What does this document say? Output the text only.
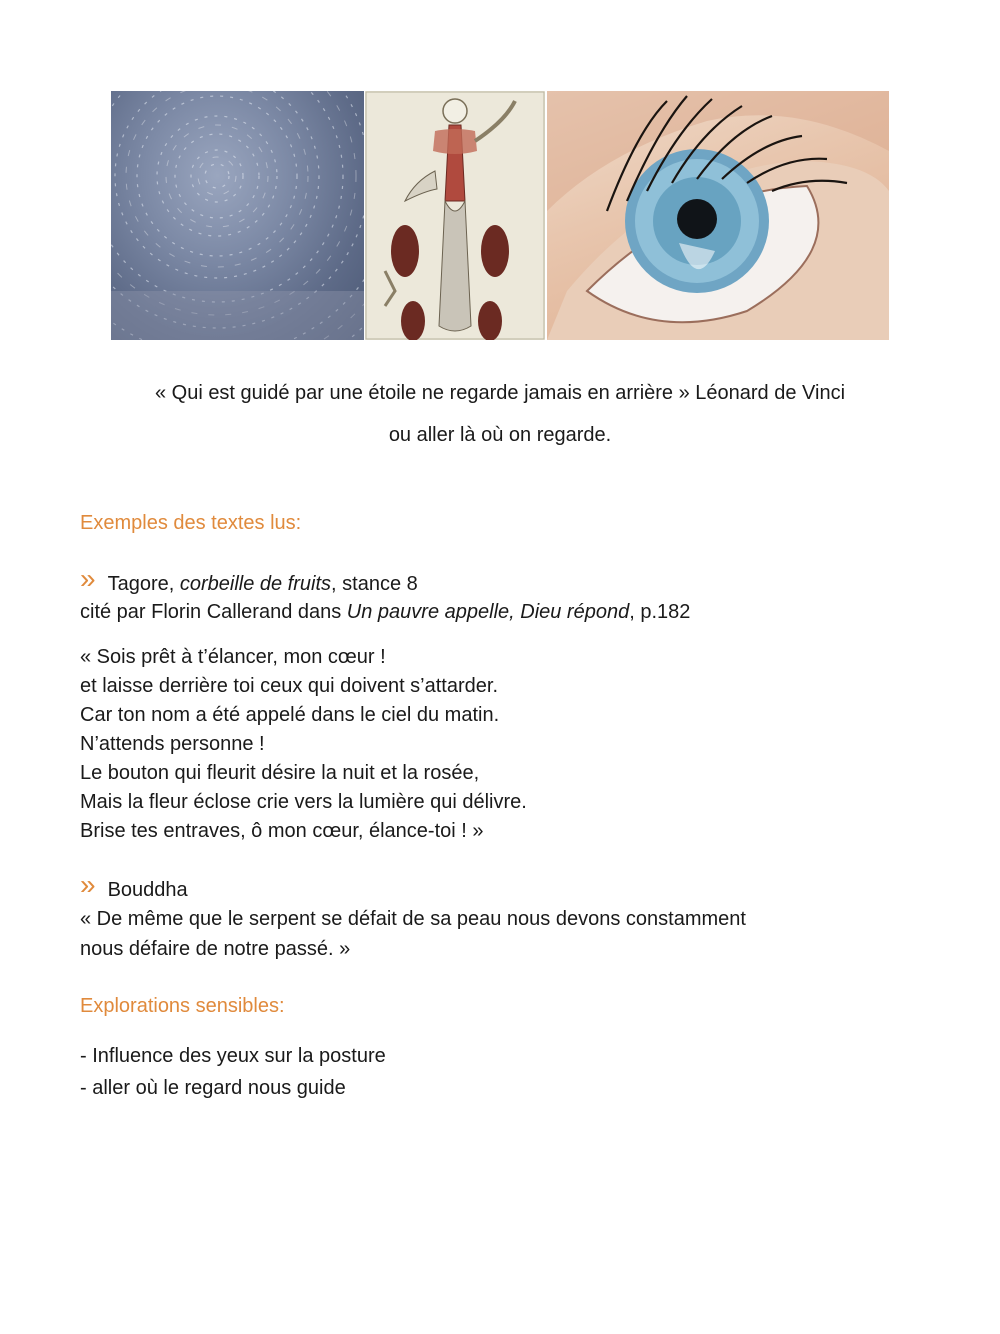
« Qui est guidé par une étoile ne regarde jamais en arrière » Léonard de Vinci
ou aller là où on regarde.
Exemples des textes lus:
» Tagore, corbeille de fruits, stance 8
cité par Florin Callerand dans Un pauvre appelle, Dieu répond, p.182
« Sois prêt à t’élancer, mon cœur !
et laisse derrière toi ceux qui doivent s’attarder.
Car ton nom a été appelé dans le ciel du matin.
N’attends personne !
Le bouton qui fleurit désire la nuit et la rosée,
Mais la fleur éclose crie vers la lumière qui délivre.
Brise tes entraves, ô mon cœur, élance-toi ! »
» Bouddha
« De même que le serpent se défait de sa peau nous devons constamment
nous défaire de notre passé. »
Explorations sensibles:
- Influence des yeux sur la posture
- aller où le regard nous guide
